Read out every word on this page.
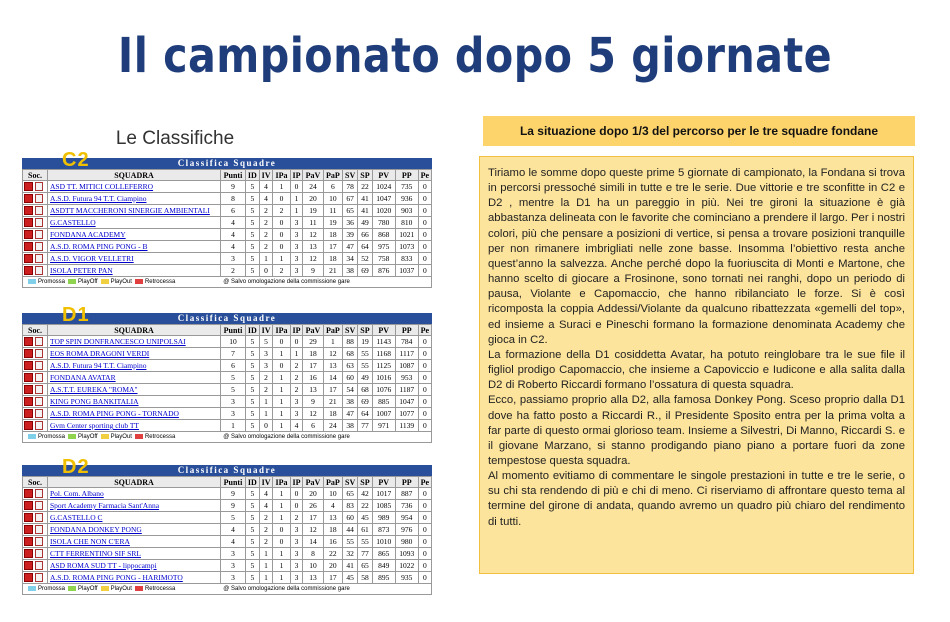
Il campionato dopo 5 giornate
Le Classifiche
C2	Classifica Squadre
Soc.	SQUADRA	Punti	ID	IV	IPa	IP	PaV	PaP	SV	SP	PV	PP	Pe
	ASD TT. MITICI COLLEFERRO	9	5	4	1	0	24	6	78	22	1024	735	0
	A.S.D. Futura 94 T.T. Ciampino	8	5	4	0	1	20	10	67	41	1047	936	0
	ASDTT MACCHERONI SINERGIE AMBIENTALI	6	5	2	2	1	19	11	65	41	1020	903	0
	G.CASTELLO	4	5	2	0	3	11	19	36	49	780	810	0
	FONDANA ACADEMY	4	5	2	0	3	12	18	39	66	868	1021	0
	A.S.D. ROMA PING PONG - B	4	5	2	0	3	13	17	47	64	975	1073	0
	A.S.D. VIGOR VELLETRI	3	5	1	1	3	12	18	34	52	758	833	0
	ISOLA PETER PAN	2	5	0	2	3	9	21	38	69	876	1037	0
Promossa PlayOff PlayOut Retrocessa	@ Salvo omologazione della commissione gare
D1	Classifica Squadre
Soc.	SQUADRA	Punti	ID	IV	IPa	IP	PaV	PaP	SV	SP	PV	PP	Pe
	TOP SPIN DONFRANCESCO UNIPOLSAI	10	5	5	0	0	29	1	88	19	1143	784	0
	EOS ROMA DRAGONI VERDI	7	5	3	1	1	18	12	68	55	1168	1117	0
	A.S.D. Futura 94 T.T. Ciampino	6	5	3	0	2	17	13	63	55	1125	1087	0
	FONDANA AVATAR	5	5	2	1	2	16	14	60	49	1016	953	0
	A.S.T.T. EUREKA "ROMA"	5	5	2	1	2	13	17	54	68	1076	1187	0
	KING PONG BANKITALIA	3	5	1	1	3	9	21	38	69	885	1047	0
	A.S.D. ROMA PING PONG - TORNADO	3	5	1	1	3	12	18	47	64	1007	1077	0
	Gvm Center sporting club TT	1	5	0	1	4	6	24	38	77	971	1139	0
Promossa PlayOff PlayOut Retrocessa	@ Salvo omologazione della commissione gare
D2	Classifica Squadre
Soc.	SQUADRA	Punti	ID	IV	IPa	IP	PaV	PaP	SV	SP	PV	PP	Pe
	Pol. Com. Albano	9	5	4	1	0	20	10	65	42	1017	887	0
	Sport Academy Farmacia Sant'Anna	9	5	4	1	0	26	4	83	22	1085	736	0
	G.CASTELLO C	5	5	2	1	2	17	13	60	45	989	954	0
	FONDANA DONKEY PONG	4	5	2	0	3	12	18	44	61	873	976	0
	ISOLA CHE NON C'ERA	4	5	2	0	3	14	16	55	55	1010	980	0
	CTT FERRENTINO SIF SRL	3	5	1	1	3	8	22	32	77	865	1093	0
	ASD ROMA SUD TT - lippocampi	3	5	1	1	3	10	20	41	65	849	1022	0
	A.S.D. ROMA PING PONG - HARIMOTO	3	5	1	1	3	13	17	45	58	895	935	0
Promossa PlayOff PlayOut Retrocessa	@ Salvo omologazione della commissione gare
La situazione dopo 1/3 del percorso per le tre squadre fondane

Tiriamo le somme dopo queste prime 5 giornate di campionato, la Fondana si trova in percorsi pressoché simili in tutte e tre le serie. Due vittorie e tre sconfitte in C2 e D2 , mentre la D1 ha un pareggio in più. Nei tre gironi la situazione è già abbastanza delineata con le favorite che cominciano a prendere il largo. Per i nostri colori, più che pensare a posizioni di vertice, si pensa a trovare posizioni tranquille per non rimanere imbrigliati nelle zone basse. Insomma l’obiettivo resta anche quest’anno la salvezza. Anche perché dopo la fuoriuscita di Monti e Martone, che hanno scelto di giocare a Frosinone, sono tornati nei ranghi, dopo un periodo di pausa, Violante e Capomaccio, che hanno ribilanciato le forze. Si è così ricomposta la coppia Addessi/Violante da qualcuno ribattezzata «gemelli del top», ed insieme a Suraci e Pineschi formano la formazione denominata Academy che gioca in C2.

La formazione della D1 cosiddetta Avatar, ha potuto reinglobare tra le sue file il figliol prodigo Capomaccio, che insieme a Capoviccio e Iudicone e alla salita dalla D2 di Roberto Riccardi formano l’ossatura di questa squadra.

Ecco, passiamo proprio alla D2, alla famosa Donkey Pong. Sceso proprio dalla D1 dove ha fatto posto a Riccardi R., il Presidente Sposito entra per la prima volta a far parte di questo ormai glorioso team. Insieme a Silvestri, Di Manno, Riccardi S. e il giovane Marzano, si stanno prodigando piano piano a portare fuori da zone tempestose questa squadra.

Al momento evitiamo di commentare le singole prestazioni in tutte e tre le serie, o su chi sta rendendo di più e chi di meno. Ci riserviamo di affrontare questo tema al termine del girone di andata, quando avremo un quadro più chiaro del rendimento di tutti.
